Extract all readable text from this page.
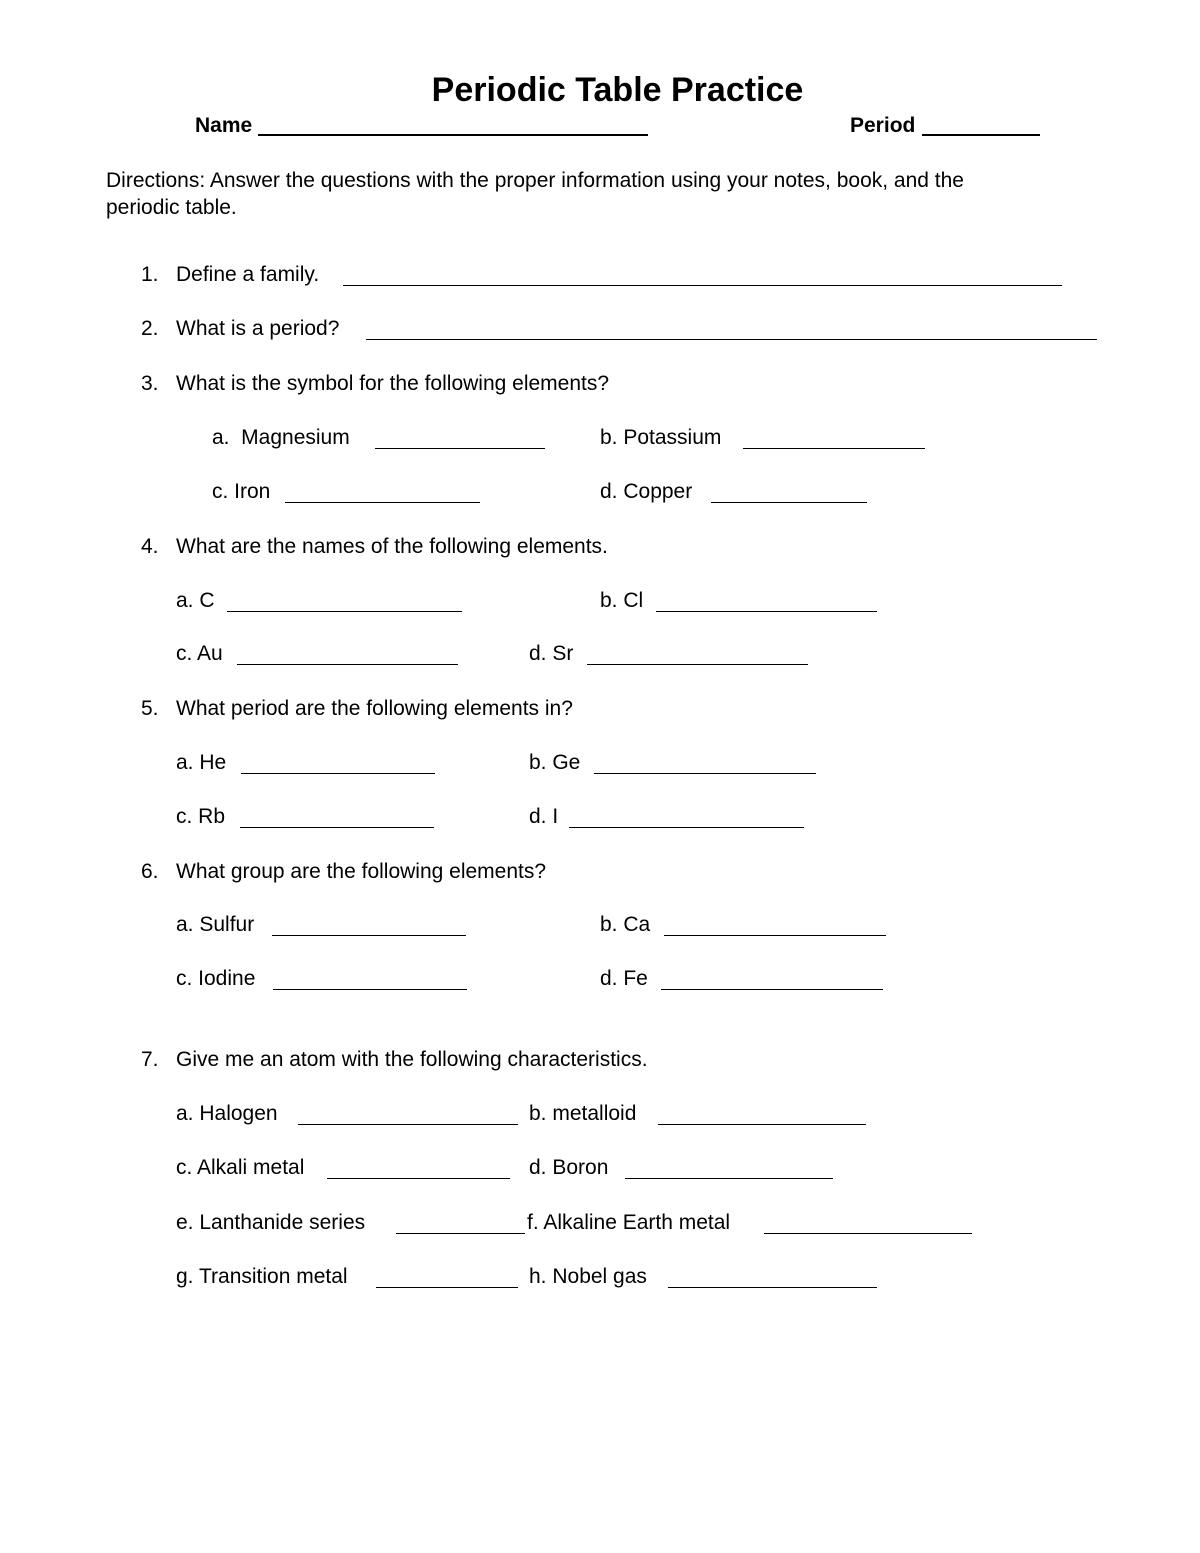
Periodic Table Practice
Name	Period
Directions: Answer the questions with the proper information using your notes, book, and the
periodic table.
1. Define a family.
2. What is a period?
3. What is the symbol for the following elements?
a.  Magnesium	b. Potassium
c. Iron	d. Copper
4. What are the names of the following elements.
a. C	b. Cl
c. Au	d. Sr
5. What period are the following elements in?
a. He	b. Ge
c. Rb	d. I
6. What group are the following elements?
a. Sulfur	b. Ca
c. Iodine	d. Fe
7. Give me an atom with the following characteristics.
a. Halogen	b. metalloid
c. Alkali metal	d. Boron
e. Lanthanide series	f. Alkaline Earth metal
g. Transition metal	h. Nobel gas
